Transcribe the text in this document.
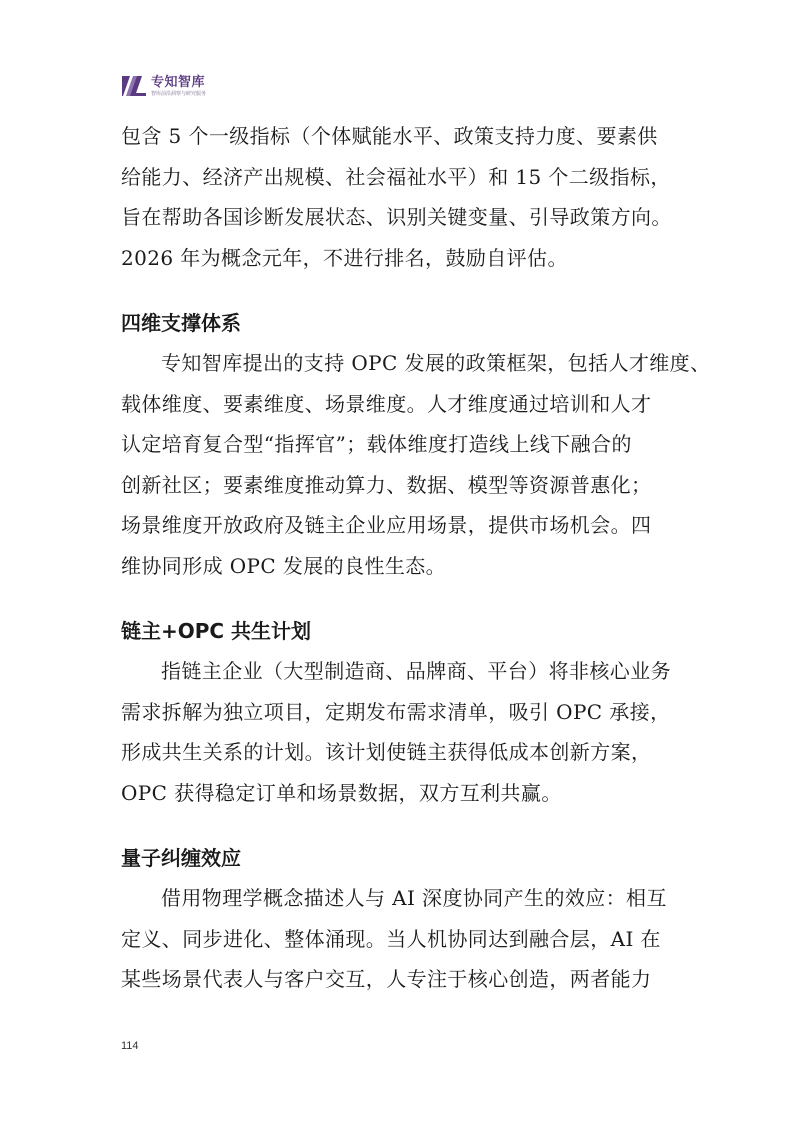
专知智库
智库前沿洞察与研究服务

包含 5 个一级指标（个体赋能水平、政策支持力度、要素供
给能力、经济产出规模、社会福祉水平）和 15 个二级指标，
旨在帮助各国诊断发展状态、识别关键变量、引导政策方向。
2026 年为概念元年，不进行排名，鼓励自评估。

四维支撑体系

专知智库提出的支持 OPC 发展的政策框架，包括人才维度、
载体维度、要素维度、场景维度。人才维度通过培训和人才
认定培育复合型“指挥官”；载体维度打造线上线下融合的
创新社区；要素维度推动算力、数据、模型等资源普惠化；
场景维度开放政府及链主企业应用场景，提供市场机会。四
维协同形成 OPC 发展的良性生态。

链主+OPC 共生计划

指链主企业（大型制造商、品牌商、平台）将非核心业务
需求拆解为独立项目，定期发布需求清单，吸引 OPC 承接，
形成共生关系的计划。该计划使链主获得低成本创新方案，
OPC 获得稳定订单和场景数据，双方互利共赢。

量子纠缠效应

借用物理学概念描述人与 AI 深度协同产生的效应：相互
定义、同步进化、整体涌现。当人机协同达到融合层，AI 在
某些场景代表人与客户交互，人专注于核心创造，两者能力

114
